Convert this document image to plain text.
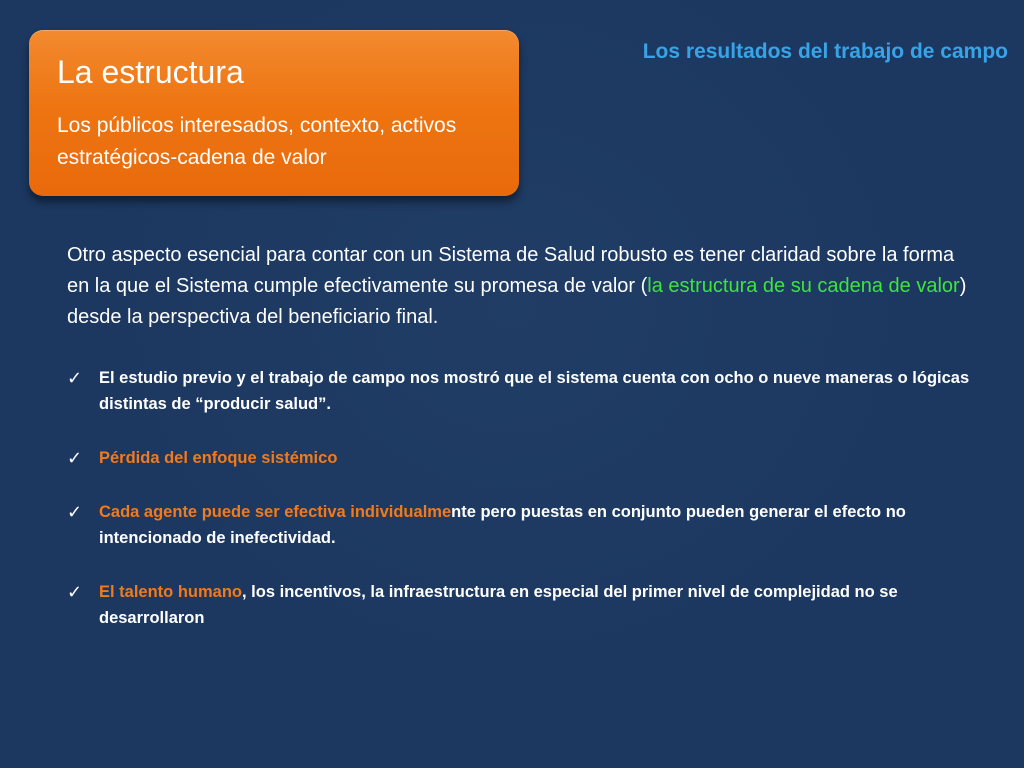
La estructura
Los públicos interesados, contexto, activos estratégicos-cadena de valor
Los resultados del trabajo de campo
Otro aspecto esencial para contar con un Sistema de Salud robusto es tener claridad sobre la forma en la que el Sistema cumple efectivamente su promesa de valor (la estructura de su cadena de valor) desde la perspectiva del beneficiario final.
✓	El estudio previo y el trabajo de campo nos mostró que el sistema cuenta con ocho o nueve maneras o lógicas distintas de “producir salud”.
✓	Pérdida del enfoque sistémico
✓	Cada agente puede ser efectiva individualmente pero puestas en conjunto pueden generar el efecto no intencionado de inefectividad.
✓	El talento humano, los incentivos, la infraestructura en especial del primer nivel de complejidad no se desarrollaron
